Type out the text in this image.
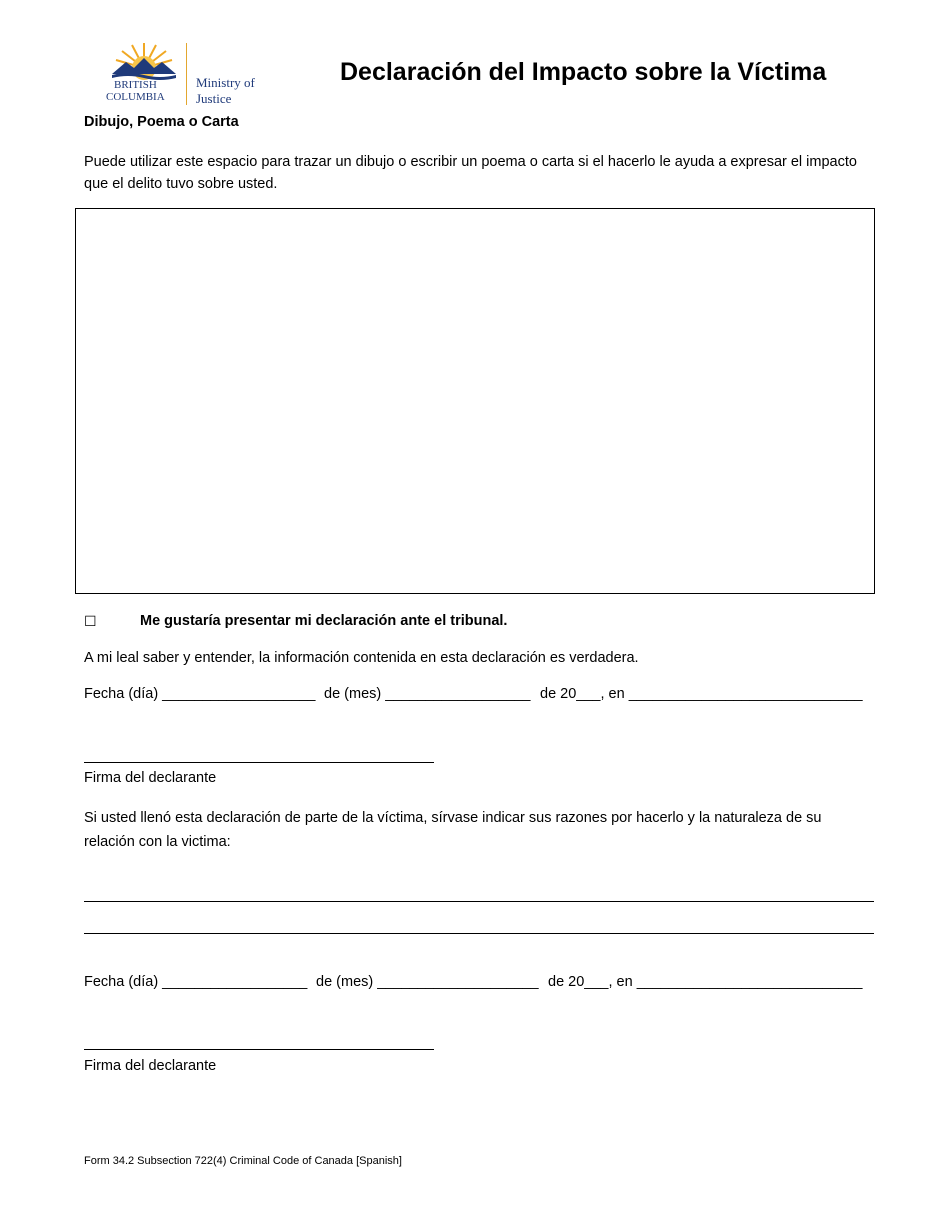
BRITISH
COLUMBIA
Ministry of
Justice
Declaración del Impacto sobre la Víctima
Dibujo, Poema o Carta
Puede utilizar este espacio para trazar un dibujo o escribir un poema o carta si el hacerlo le ayuda a expresar el impacto que el delito tuvo sobre usted.
☐	Me gustaría presentar mi declaración ante el tribunal.
A mi leal saber y entender, la información contenida en esta declaración es verdadera.
Fecha (día) ___________________ de (mes) __________________ de 20___, en _____________________________
Firma del declarante
Si usted llenó esta declaración de parte de la víctima, sírvase indicar sus razones por hacerlo y la naturaleza de su relación con la victima:
Fecha (día) __________________ de (mes) ____________________ de 20___, en ____________________________
Firma del declarante
Form 34.2 Subsection 722(4) Criminal Code of Canada [Spanish]
